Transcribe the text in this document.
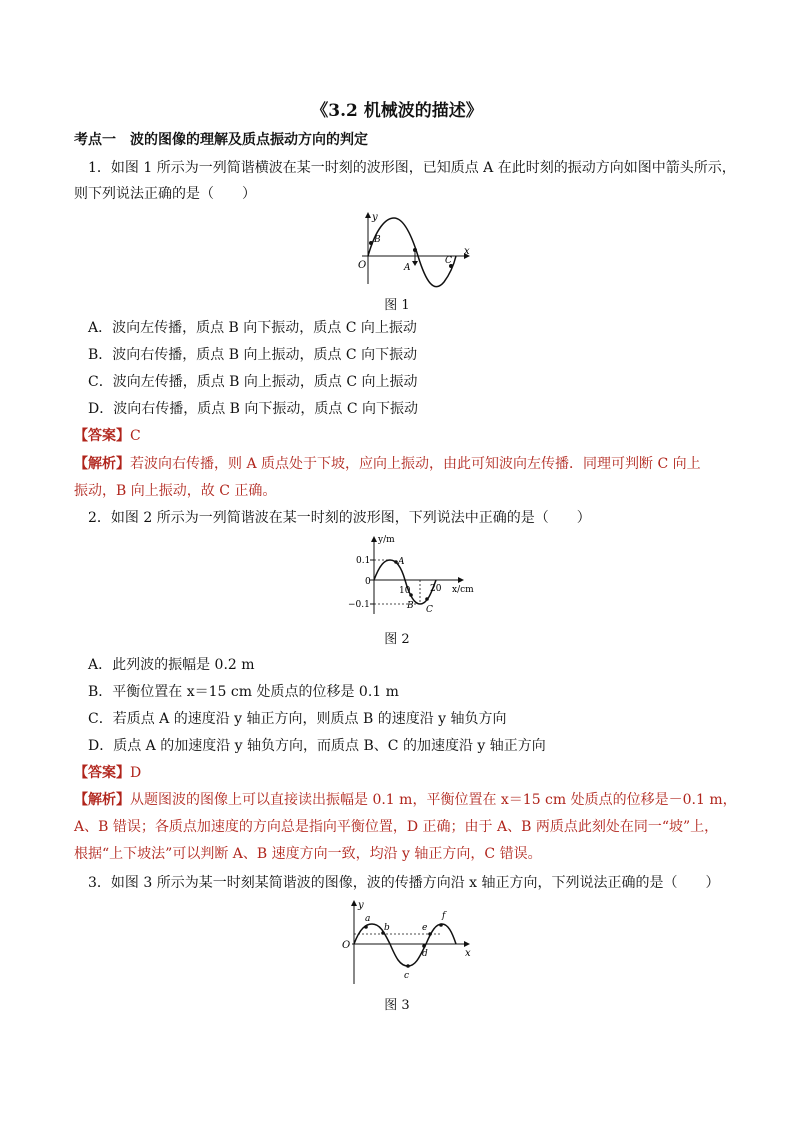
《3.2 机械波的描述》
考点一　波的图像的理解及质点振动方向的判定
1．如图 1 所示为一列简谐横波在某一时刻的波形图，已知质点 A 在此时刻的振动方向如图中箭头所示，
则下列说法正确的是（　　）
y
x
O
B
A
C
图 1
A．波向左传播，质点 B 向下振动，质点 C 向上振动
B．波向右传播，质点 B 向上振动，质点 C 向下振动
C．波向左传播，质点 B 向上振动，质点 C 向上振动
D．波向右传播，质点 B 向下振动，质点 C 向下振动
【答案】C
【解析】若波向右传播，则 A 质点处于下坡，应向上振动，由此可知波向左传播．同理可判断 C 向上
振动，B 向上振动，故 C 正确。
2．如图 2 所示为一列简谐波在某一时刻的波形图，下列说法中正确的是（　　）
y/m
x/cm
0.1
−0.1
0
10 20
A
B C
图 2
A．此列波的振幅是 0.2 m
B．平衡位置在 x＝15 cm 处质点的位移是 0.1 m
C．若质点 A 的速度沿 y 轴正方向，则质点 B 的速度沿 y 轴负方向
D．质点 A 的加速度沿 y 轴负方向，而质点 B、C 的加速度沿 y 轴正方向
【答案】D
【解析】从题图波的图像上可以直接读出振幅是 0.1 m，平衡位置在 x＝15 cm 处质点的位移是－0.1 m，
A、B 错误；各质点加速度的方向总是指向平衡位置，D 正确；由于 A、B 两质点此刻处在同一“坡”上，
根据“上下坡法”可以判断 A、B 速度方向一致，均沿 y 轴正方向，C 错误。
3．如图 3 所示为某一时刻某简谐波的图像，波的传播方向沿 x 轴正方向，下列说法正确的是（　　）
y
x
O
a
b
c
d
e
f
图 3
